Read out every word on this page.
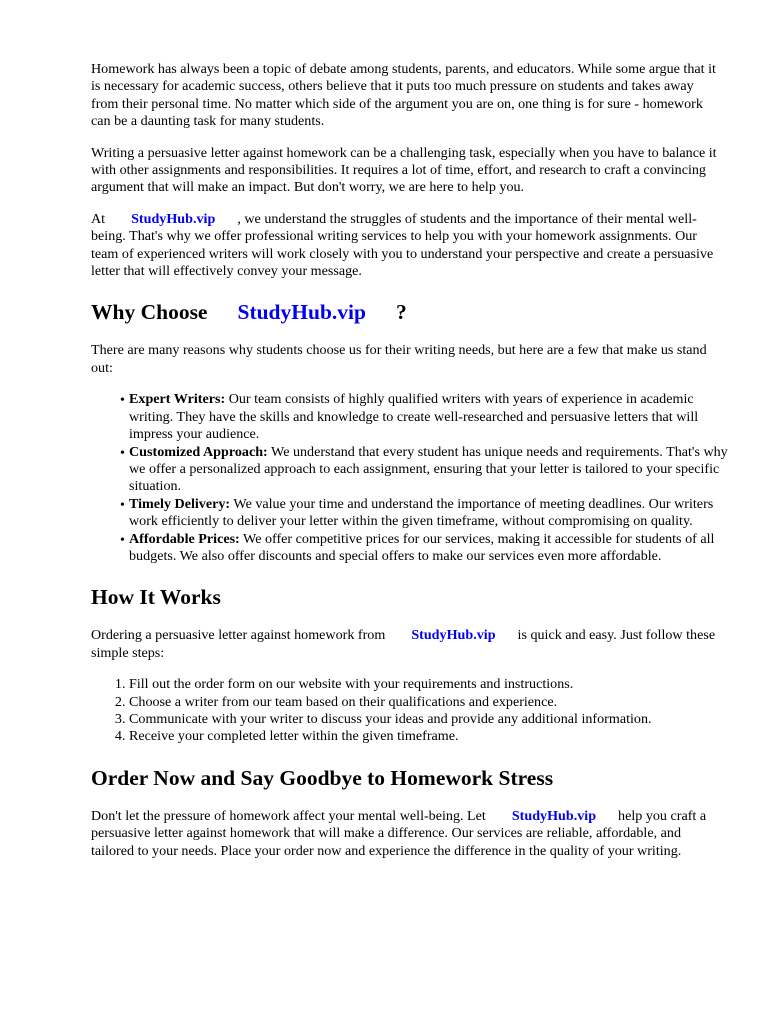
Homework has always been a topic of debate among students, parents, and educators. While some argue that it is necessary for academic success, others believe that it puts too much pressure on students and takes away from their personal time. No matter which side of the argument you are on, one thing is for sure - homework can be a daunting task for many students.

Writing a persuasive letter against homework can be a challenging task, especially when you have to balance it with other assignments and responsibilities. It requires a lot of time, effort, and research to craft a convincing argument that will make an impact. But don't worry, we are here to help you.

At StudyHub.vip , we understand the struggles of students and the importance of their mental well-being. That's why we offer professional writing services to help you with your homework assignments. Our team of experienced writers will work closely with you to understand your perspective and create a persuasive letter that will effectively convey your message.

Why Choose StudyHub.vip ?

There are many reasons why students choose us for their writing needs, but here are a few that make us stand out:

• Expert Writers: Our team consists of highly qualified writers with years of experience in academic writing. They have the skills and knowledge to create well-researched and persuasive letters that will impress your audience.
• Customized Approach: We understand that every student has unique needs and requirements. That's why we offer a personalized approach to each assignment, ensuring that your letter is tailored to your specific situation.
• Timely Delivery: We value your time and understand the importance of meeting deadlines. Our writers work efficiently to deliver your letter within the given timeframe, without compromising on quality.
• Affordable Prices: We offer competitive prices for our services, making it accessible for students of all budgets. We also offer discounts and special offers to make our services even more affordable.
How It Works

Ordering a persuasive letter against homework from StudyHub.vip is quick and easy. Just follow these simple steps:

1. Fill out the order form on our website with your requirements and instructions.
2. Choose a writer from our team based on their qualifications and experience.
3. Communicate with your writer to discuss your ideas and provide any additional information.
4. Receive your completed letter within the given timeframe.
Order Now and Say Goodbye to Homework Stress

Don't let the pressure of homework affect your mental well-being. Let StudyHub.vip help you craft a persuasive letter against homework that will make a difference. Our services are reliable, affordable, and tailored to your needs. Place your order now and experience the difference in the quality of your writing.
